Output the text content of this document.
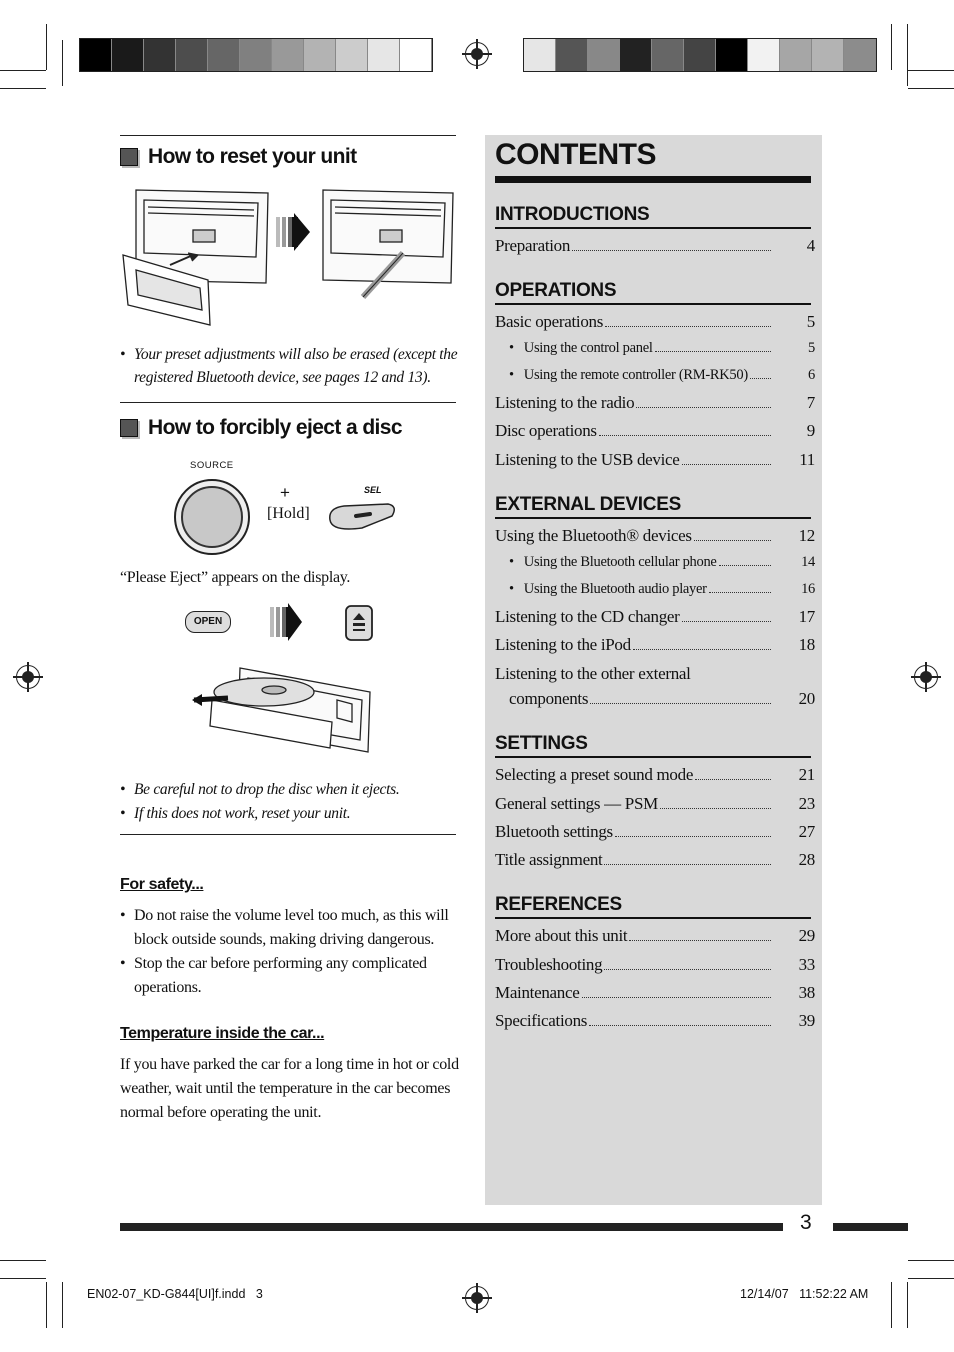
How to reset your unit
• Your preset adjustments will also be erased (except the registered Bluetooth device, see pages 12 and 13).
How to forcibly eject a disc
SOURCE
+
[Hold]
SEL
“Please Eject” appears on the display.
OPEN
• Be careful not to drop the disc when it ejects.
• If this does not work, reset your unit.
For safety...
• Do not raise the volume level too much, as this will block outside sounds, making driving dangerous.
• Stop the car before performing any complicated operations.
Temperature inside the car...
If you have parked the car for a long time in hot or cold weather, wait until the temperature in the car becomes normal before operating the unit.
CONTENTS
INTRODUCTIONS
Preparation	4
OPERATIONS
Basic operations	5
• Using the control panel	5
• Using the remote controller (RM-RK50)	6
Listening to the radio	7
Disc operations	9
Listening to the USB device	11
EXTERNAL DEVICES
Using the Bluetooth® devices	12
• Using the Bluetooth cellular phone	14
• Using the Bluetooth audio player	16
Listening to the CD changer	17
Listening to the iPod	18
Listening to the other external
components	20
SETTINGS
Selecting a preset sound mode	21
General settings — PSM	23
Bluetooth settings	27
Title assignment	28
REFERENCES
More about this unit	29
Troubleshooting	33
Maintenance	38
Specifications	39
3
EN02-07_KD-G844[UI]f.indd   3	12/14/07   11:52:22 AM
